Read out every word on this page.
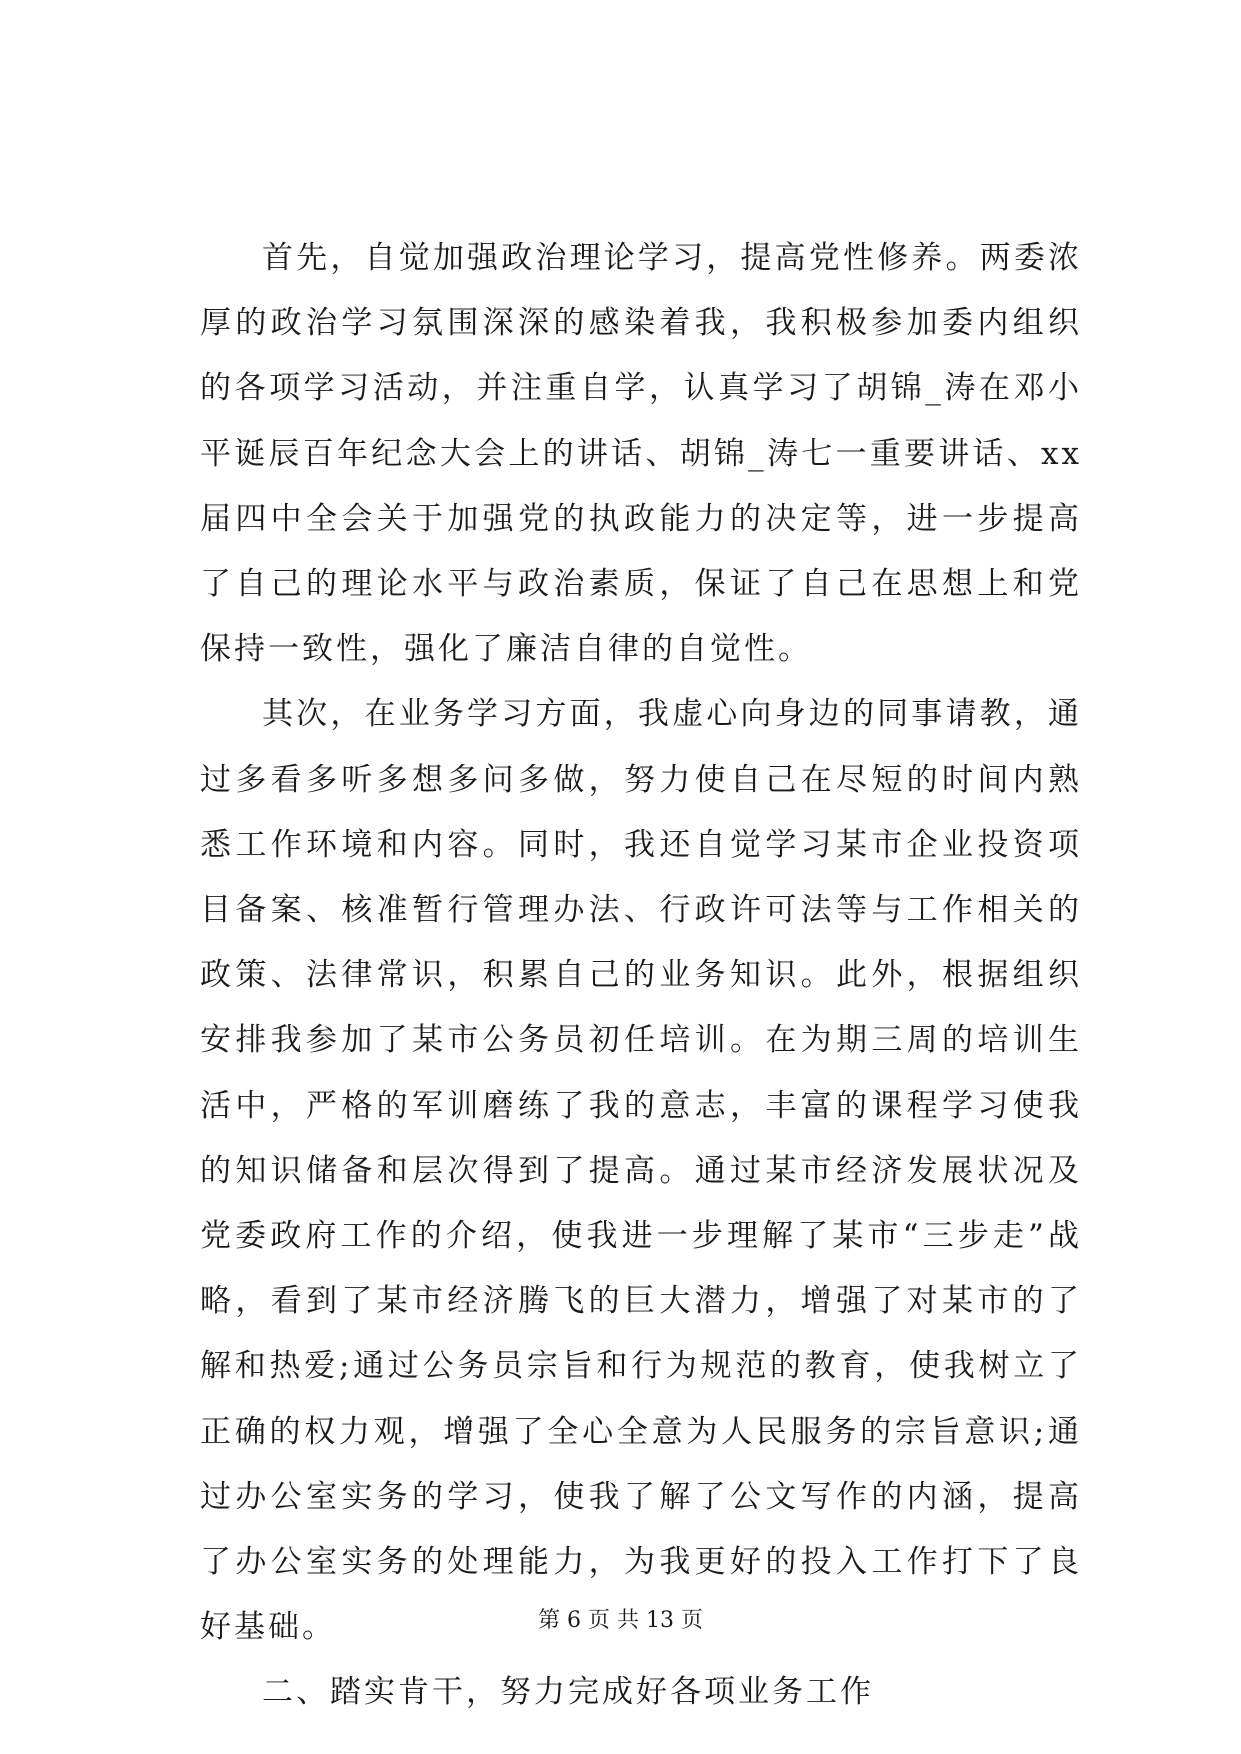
首先，自觉加强政治理论学习，提高党性修养。两委浓厚的政治学习氛围深深的感染着我，我积极参加委内组织的各项学习活动，并注重自学，认真学习了胡锦_涛在邓小平诞辰百年纪念大会上的讲话、胡锦_涛七一重要讲话、xx届四中全会关于加强党的执政能力的决定等，进一步提高了自己的理论水平与政治素质，保证了自己在思想上和党保持一致性，强化了廉洁自律的自觉性。

其次，在业务学习方面，我虚心向身边的同事请教，通过多看多听多想多问多做，努力使自己在尽短的时间内熟悉工作环境和内容。同时，我还自觉学习某市企业投资项目备案、核准暂行管理办法、行政许可法等与工作相关的政策、法律常识，积累自己的业务知识。此外，根据组织安排我参加了某市公务员初任培训。在为期三周的培训生活中，严格的军训磨练了我的意志，丰富的课程学习使我的知识储备和层次得到了提高。通过某市经济发展状况及党委政府工作的介绍，使我进一步理解了某市“三步走”战略，看到了某市经济腾飞的巨大潜力，增强了对某市的了解和热爱;通过公务员宗旨和行为规范的教育，使我树立了正确的权力观，增强了全心全意为人民服务的宗旨意识;通过办公室实务的学习，使我了解了公文写作的内涵，提高了办公室实务的处理能力，为我更好的投入工作打下了良好基础。

二、踏实肯干，努力完成好各项业务工作

第 6 页 共 13 页
